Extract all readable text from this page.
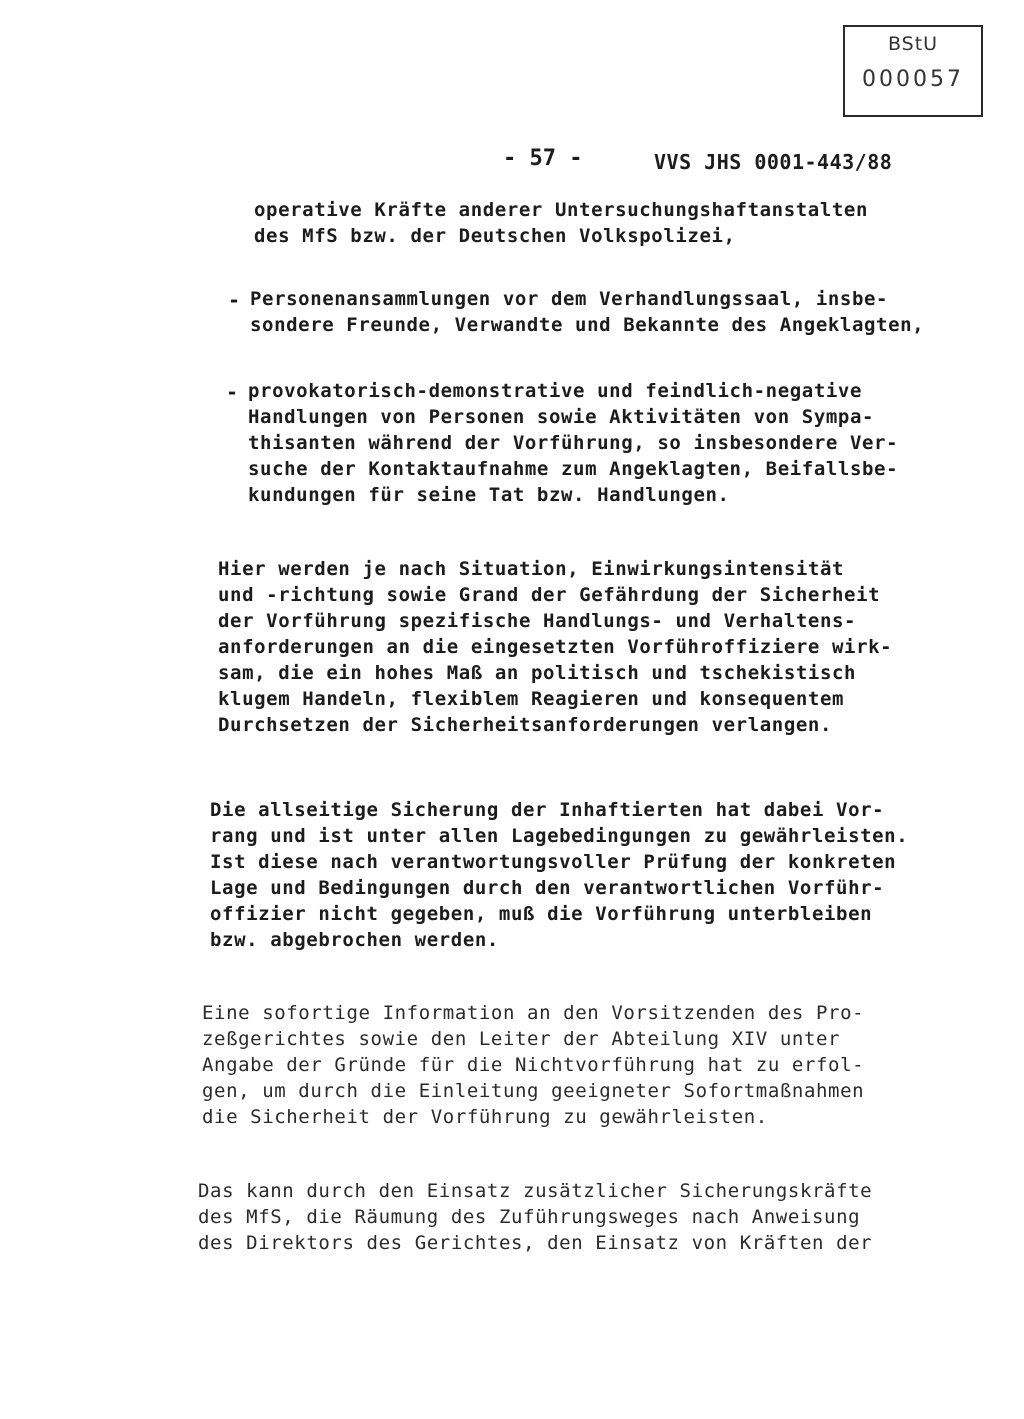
BStU
000057
- 57 -	VVS JHS 0001-443/88
operative Kräfte anderer Untersuchungshaftanstalten
des MfS bzw. der Deutschen Volkspolizei,
- Personenansammlungen vor dem Verhandlungssaal, insbe-
sondere Freunde, Verwandte und Bekannte des Angeklagten,
- provokatorisch-demonstrative und feindlich-negative
Handlungen von Personen sowie Aktivitäten von Sympa-
thisanten während der Vorführung, so insbesondere Ver-
suche der Kontaktaufnahme zum Angeklagten, Beifallsbe-
kundungen für seine Tat bzw. Handlungen.
Hier werden je nach Situation, Einwirkungsintensität
und -richtung sowie Grand der Gefährdung der Sicherheit
der Vorführung spezifische Handlungs- und Verhaltens-
anforderungen an die eingesetzten Vorführoffiziere wirk-
sam, die ein hohes Maß an politisch und tschekistisch
klugem Handeln, flexiblem Reagieren und konsequentem
Durchsetzen der Sicherheitsanforderungen verlangen.
Die allseitige Sicherung der Inhaftierten hat dabei Vor-
rang und ist unter allen Lagebedingungen zu gewährleisten.
Ist diese nach verantwortungsvoller Prüfung der konkreten
Lage und Bedingungen durch den verantwortlichen Vorführ-
offizier nicht gegeben, muß die Vorführung unterbleiben
bzw. abgebrochen werden.
Eine sofortige Information an den Vorsitzenden des Pro-
zeßgerichtes sowie den Leiter der Abteilung XIV unter
Angabe der Gründe für die Nichtvorführung hat zu erfol-
gen, um durch die Einleitung geeigneter Sofortmaßnahmen
die Sicherheit der Vorführung zu gewährleisten.
Das kann durch den Einsatz zusätzlicher Sicherungskräfte
des MfS, die Räumung des Zuführungsweges nach Anweisung
des Direktors des Gerichtes, den Einsatz von Kräften der
